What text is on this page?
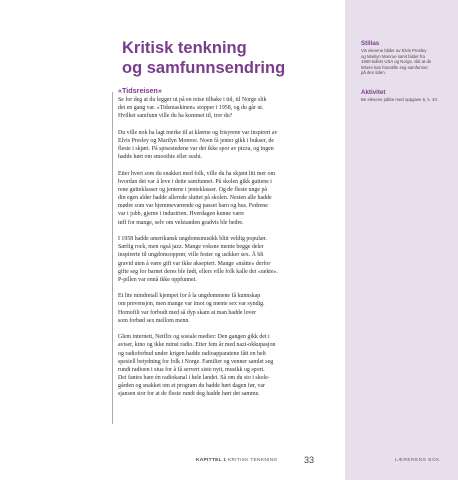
Kritisk tenkning
og samfunnsendring
«Tidsreisen»

Se for deg at du legger ut på en reise tilbake i tid, til Norge slik
det en gang var. «Tidsmaskinen» stopper i 1958, og du går ut.
Hvilket samfunn ville du ha kommet til, tror du?

Du ville nok ha lagt merke til at klærne og frisyrene var inspirert av
Elvis Presley og Marilyn Monroe. Noen få jenter gikk i bukser, de
fleste i skjørt. På spisestedene var det ikke spor av pizza, og ingen
hadde hørt om smoothie eller sushi.

Etter hvert som du snakket med folk, ville du ha skjønt litt mer om
hvordan det var å leve i dette samfunnet. På skolen gikk guttene i
rene gutteklasser og jentene i jenteklasser. Og de fleste unge på
din egen alder hadde allerede sluttet på skolen. Nesten alle hadde
mødre som var hjemmeværende og passet barn og hus. Fedrene
var i jobb, gjerne i industrien. Hverdagen kunne være
tøff for mange, selv om velstanden gradvis ble bedre.

I 1958 hadde amerikansk ungdomsmusikk blitt veldig populær.
Særlig rock, men også jazz. Mange voksne mente begge deler
inspirerte til ungdomsopprør, ville fester og usikker sex. Å bli
gravid uten å være gift var ikke akseptert. Mange «måtte» derfor
gifte seg for barnet deres ble født, ellers ville folk kalle det «uekte».
P-pillen var ennå ikke oppfunnet.

Et lite mindretall kjempet for å la ungdommene få kunnskap
om prevensjon, men mange var imot og mente sex var syndig.
Homofili var forbudt med så dyp skam at man hadde lover
som forbød sex mellom menn.

Glem internett, Netflix og sosiale medier: Den gangen gikk det i
aviser, kino og ikke minst radio. Etter fem år med nazi-okkupasjon
og radioforbud under krigen hadde radioapparatene fått en helt
spesiell betydning for folk i Norge. Familier og venner samlet seg
rundt radioen i stua for å få servert siste nytt, musikk og sport.
Det fantes bare én radiokanal i hele landet. Så om du sto i skole-
gården og snakket om et program du hadde hørt dagen før, var
sjansen stor for at de fleste rundt deg hadde hørt det samme.

Stillas
Vis elevene bilder av Elvis Presley
og Marilyn Monroe samt bilder fra
1950-tallets USA og Norge, slik at de
lettere kan forestille seg samfunnet
på den tiden.
Aktivitet
Be elevene jobbe med oppgave 5, s. 43.
KAPITTEL 1 KRITISK TENKNING	33	LÆRERENS BOK
